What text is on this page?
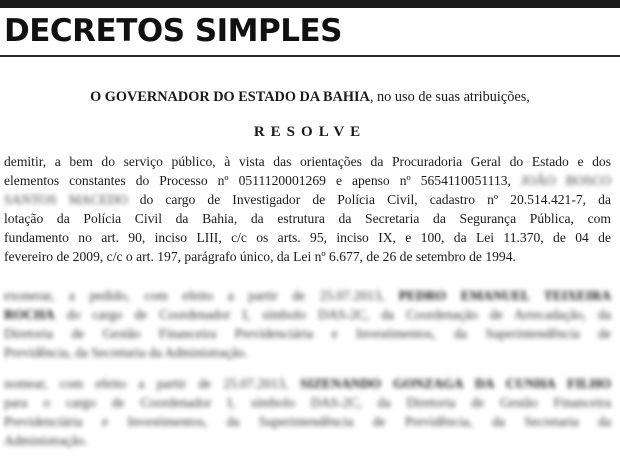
DECRETOS SIMPLES
O GOVERNADOR DO ESTADO DA BAHIA, no uso de suas atribuições,
RESOLVE
demitir, a bem do serviço público, à vista das orientações da Procuradoria Geral do Estado e dos
elementos constantes do Processo nº 0511120001269 e apenso nº 5654110051113, JOÃO BOSCO
SANTOS MACEDO do cargo de Investigador de Polícia Civil, cadastro nº 20.514.421-7, da
lotação da Polícia Civil da Bahia, da estrutura da Secretaria da Segurança Pública, com
fundamento no art. 90, inciso LIII, c/c os arts. 95, inciso IX, e 100, da Lei 11.370, de 04 de
fevereiro de 2009, c/c o art. 197, parágrafo único, da Lei nº 6.677, de 26 de setembro de 1994.
exonerar, a pedido, com efeito a partir de 25.07.2013, PEDRO EMANUEL TEIXEIRA
ROCHA do cargo de Coordenador I, símbolo DAS-2C, da Coordenação de Arrecadação, da
Diretoria de Gestão Financeira Previdenciária e Investimentos, da Superintendência de
Previdência, da Secretaria da Administração.
nomear, com efeito a partir de 25.07.2013, SIZENANDO GONZAGA DA CUNHA FILHO
para o cargo de Coordenador I, símbolo DAS-2C, da Diretoria de Gestão Financeira
Previdenciária e Investimentos, da Superintendência de Previdência, da Secretaria da
Administração.
